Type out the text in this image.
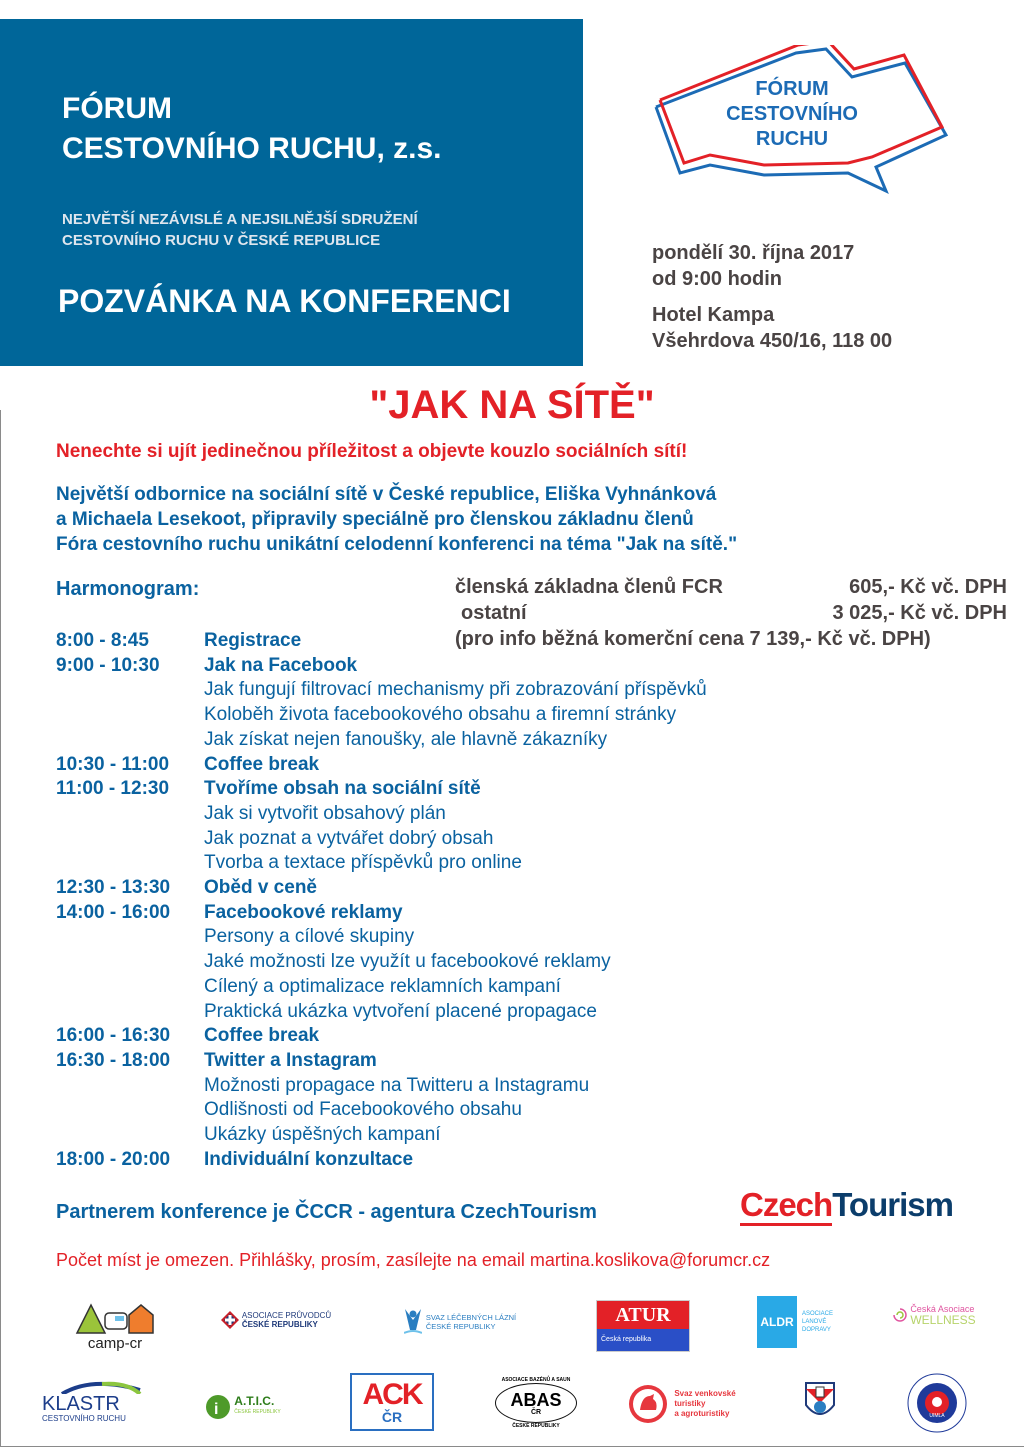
FÓRUM
CESTOVNÍHO RUCHU, z.s.
NEJVĚTŠÍ NEZÁVISLÉ A NEJSILNĚJŠÍ SDRUŽENÍ
CESTOVNÍHO RUCHU V ČESKÉ REPUBLICE
POZVÁNKA NA KONFERENCI
FÓRUM
CESTOVNÍHO
RUCHU
pondělí 30. října 2017
od 9:00 hodin
Hotel Kampa
Všehrdova 450/16, 118 00
"JAK NA SÍTĚ"
Nenechte si ujít jedinečnou příležitost a objevte kouzlo sociálních sítí!
Největší odbornice na sociální sítě v České republice, Eliška Vyhnánková
a Michaela Lesekoot, připravily speciálně pro členskou základnu členů
Fóra cestovního ruchu unikátní celodenní konferenci na téma "Jak na sítě."
Harmonogram:	členská základna členů FCR	605,- Kč vč. DPH
ostatní	3 025,- Kč vč. DPH
(pro info běžná komerční cena 7 139,- Kč vč. DPH)
8:00 - 8:45	Registrace
9:00 - 10:30	Jak na Facebook
Jak fungují filtrovací mechanismy při zobrazování příspěvků
Koloběh života facebookového obsahu a firemní stránky
Jak získat nejen fanoušky, ale hlavně zákazníky
10:30 - 11:00	Coffee break
11:00 - 12:30	Tvoříme obsah na sociální sítě
Jak si vytvořit obsahový plán
Jak poznat a vytvářet dobrý obsah
Tvorba a textace příspěvků pro online
12:30 - 13:30	Oběd v ceně
14:00 - 16:00	Facebookové reklamy
Persony a cílové skupiny
Jaké možnosti lze využít u facebookové reklamy
Cílený a optimalizace reklamních kampaní
Praktická ukázka vytvoření placené propagace
16:00 - 16:30	Coffee break
16:30 - 18:00	Twitter a Instagram
Možnosti propagace na Twitteru a Instagramu
Odlišnosti od Facebookového obsahu
Ukázky úspěšných kampaní
18:00 - 20:00	Individuální konzultace
Partnerem konference je ČCCR - agentura CzechTourism	CzechTourism
Počet míst je omezen. Přihlášky, prosím, zasílejte na email martina.koslikova@forumcr.cz
camp-cr
ASOCIACE PRŮVODCŮ
ČESKÉ REPUBLIKY
SVAZ LÉČEBNÝCH LÁZNÍ
ČESKÉ REPUBLIKY
ATUR
Česká republika
ALDR
ASOCIACE
LANOVÉ
DOPRAVY
Česká Asociace
WELLNESS
KLASTR
CESTOVNÍHO RUCHU	i A.T.I.C.
ČESKÉ REPUBLIKY
ACK
ČR
ASOCIACE BAZÉNŮ A SAUN
ABAS
ČR
ČESKÉ REPUBLIKY
Svaz venkovské
turistiky
a agroturistiky	UIMLA
